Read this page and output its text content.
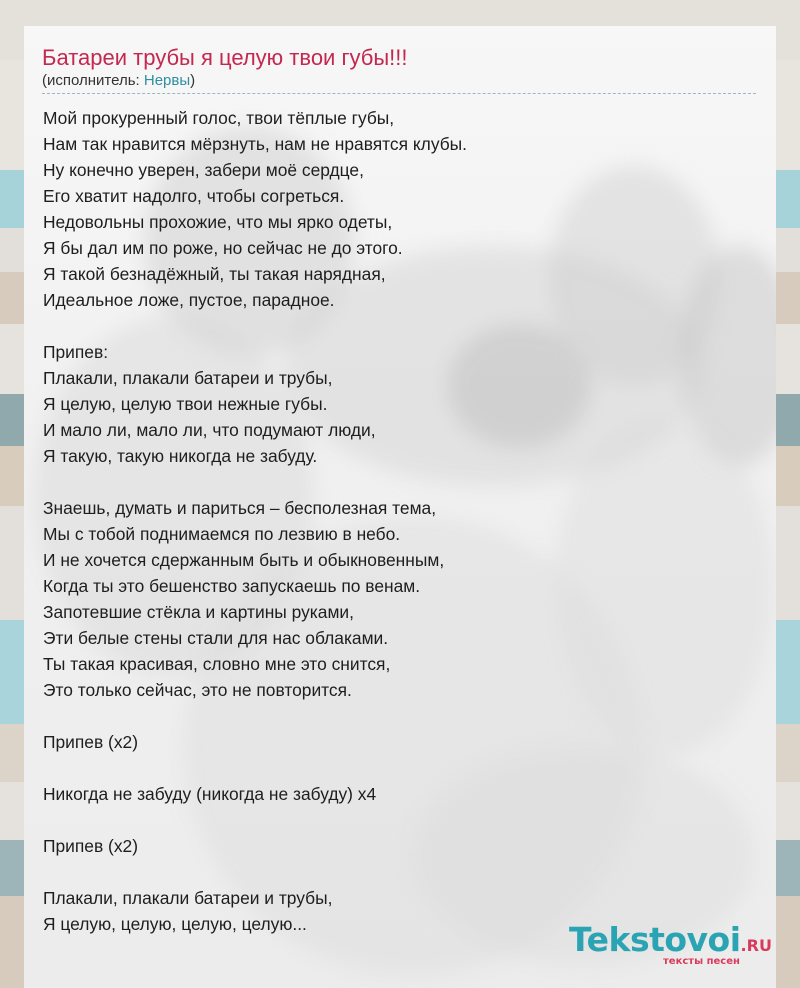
Батареи трубы я целую твои губы!!!
(исполнитель: Нервы)
Мой прокуренный голос, твои тёплые губы,
Нам так нравится мёрзнуть, нам не нравятся клубы.
Ну конечно уверен, забери моё сердце,
Его хватит надолго, чтобы согреться.
Недовольны прохожие, что мы ярко одеты,
Я бы дал им по роже, но сейчас не до этого.
Я такой безнадёжный, ты такая нарядная,
Идеальное ложе, пустое, парадное.
Припев:
Плакали, плакали батареи и трубы,
Я целую, целую твои нежные губы.
И мало ли, мало ли, что подумают люди,
Я такую, такую никогда не забуду.
Знаешь, думать и париться – бесполезная тема,
Мы с тобой поднимаемся по лезвию в небо.
И не хочется сдержанным быть и обыкновенным,
Когда ты это бешенство запускаешь по венам.
Запотевшие стёкла и картины руками,
Эти белые стены стали для нас облаками.
Ты такая красивая, словно мне это снится,
Это только сейчас, это не повторится.
Припев (x2)
Никогда не забуду (никогда не забуду) x4
Припев (x2)
Плакали, плакали батареи и трубы,
Я целую, целую, целую, целую...	Tekstovoi.RU
тексты песен
